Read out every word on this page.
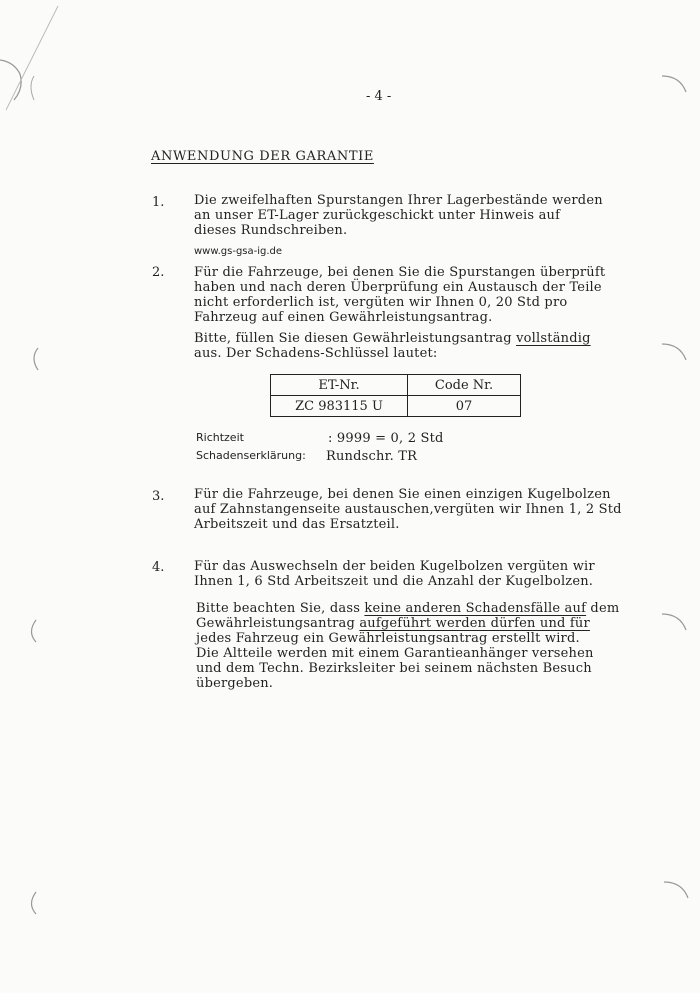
- 4 -
ANWENDUNG DER GARANTIE
1. Die zweifelhaften Spurstangen Ihrer Lagerbestände werden
an unser ET-Lager zurückgeschickt unter Hinweis auf
dieses Rundschreiben.
www.gs-gsa-ig.de
2. Für die Fahrzeuge, bei denen Sie die Spurstangen überprüft
haben und nach deren Überprüfung ein Austausch der Teile
nicht erforderlich ist, vergüten wir Ihnen 0, 20 Std pro
Fahrzeug auf einen Gewährleistungsantrag.
Bitte, füllen Sie diesen Gewährleistungsantrag vollständig
aus. Der Schadens-Schlüssel lautet:
ET-Nr.	Code Nr.
ZC 983115 U	07
Richtzeit	: 9999 = 0, 2 Std
Schadenserklärung: Rundschr. TR
3. Für die Fahrzeuge, bei denen Sie einen einzigen Kugelbolzen
auf Zahnstangenseite austauschen,vergüten wir Ihnen 1, 2 Std
Arbeitszeit und das Ersatzteil.
4. Für das Auswechseln der beiden Kugelbolzen vergüten wir
Ihnen 1, 6 Std Arbeitszeit und die Anzahl der Kugelbolzen.
Bitte beachten Sie, dass keine anderen Schadensfälle auf dem
Gewährleistungsantrag aufgeführt werden dürfen und für
jedes Fahrzeug ein Gewährleistungsantrag erstellt wird.
Die Altteile werden mit einem Garantieanhänger versehen
und dem Techn. Bezirksleiter bei seinem nächsten Besuch
übergeben.
